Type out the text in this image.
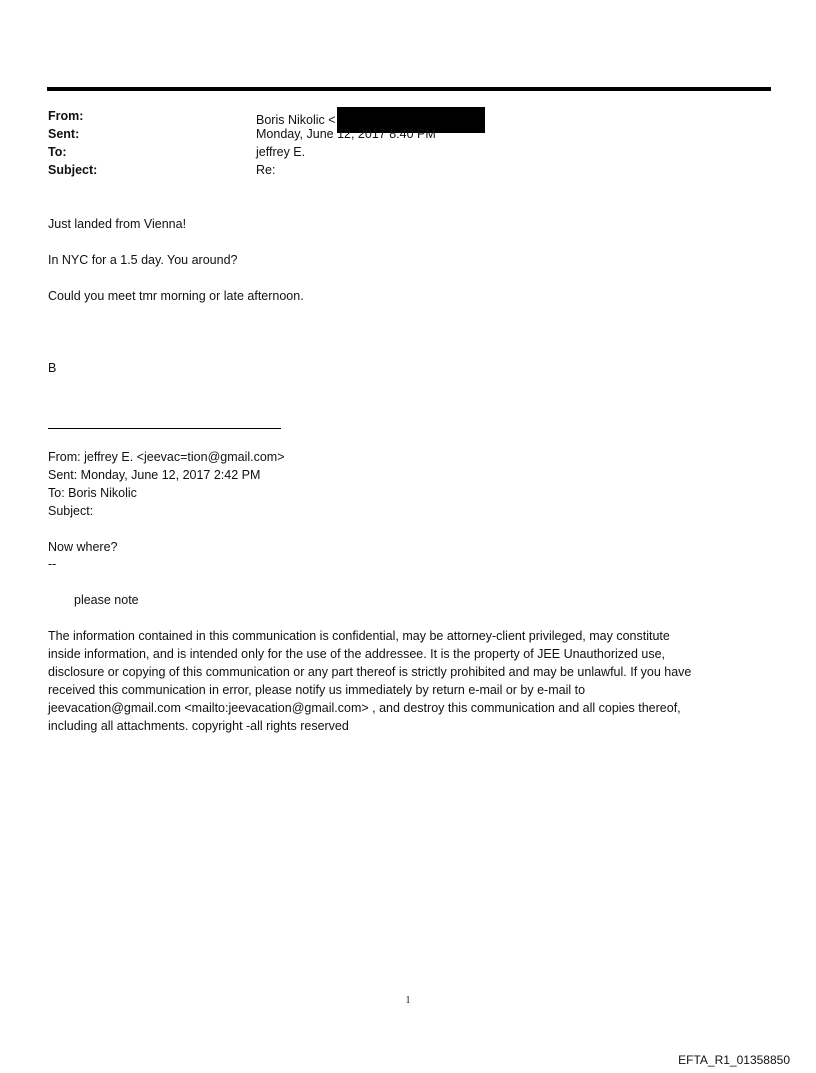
From:	Boris Nikolic <
Sent:	Monday, June 12, 2017 8:40 PM
To:	jeffrey E.
Subject:	Re:
Just landed from Vienna!
In NYC for a 1.5 day. You around?
Could you meet tmr morning or late afternoon.
B
From: jeffrey E. <jeevac=tion@gmail.com>
Sent: Monday, June 12, 2017 2:42 PM
To: Boris Nikolic
Subject:
Now where?
--
please note
The information contained in this communication is confidential, may be attorney-client privileged, may constitute
inside information, and is intended only for the use of the addressee. It is the property of JEE Unauthorized use,
disclosure or copying of this communication or any part thereof is strictly prohibited and may be unlawful. If you have
received this communication in error, please notify us immediately by return e-mail or by e-mail to
jeevacation@gmail.com <mailto:jeevacation@gmail.com> , and destroy this communication and all copies thereof,
including all attachments. copyright -all rights reserved
1
EFTA_R1_01358850
